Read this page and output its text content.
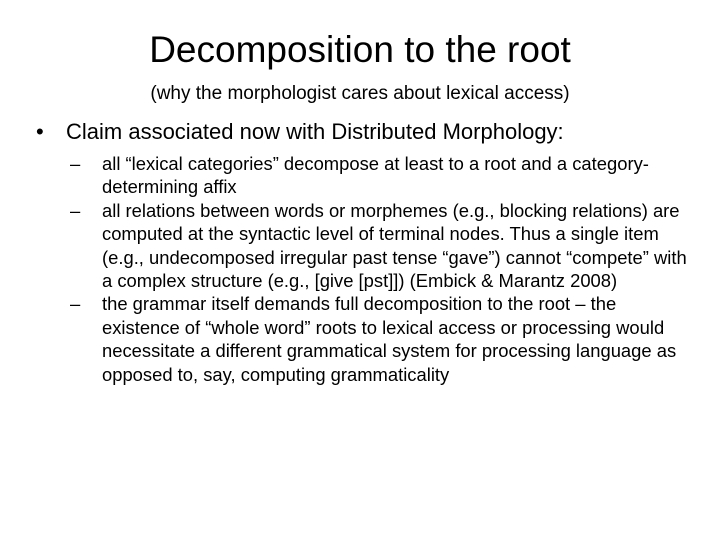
Decomposition to the root
(why the morphologist cares about lexical access)
• Claim associated now with Distributed Morphology:
–	all “lexical categories” decompose at least to a root and a category-determining affix
–	all relations between words or morphemes (e.g., blocking relations) are computed at the syntactic level of terminal nodes. Thus a single item (e.g., undecomposed irregular past tense “gave”) cannot “compete” with a complex structure (e.g., [give [pst]]) (Embick & Marantz 2008)
–	the grammar itself demands full decomposition to the root – the existence of “whole word” roots to lexical access or processing would necessitate a different grammatical system for processing language as opposed to, say, computing grammaticality
